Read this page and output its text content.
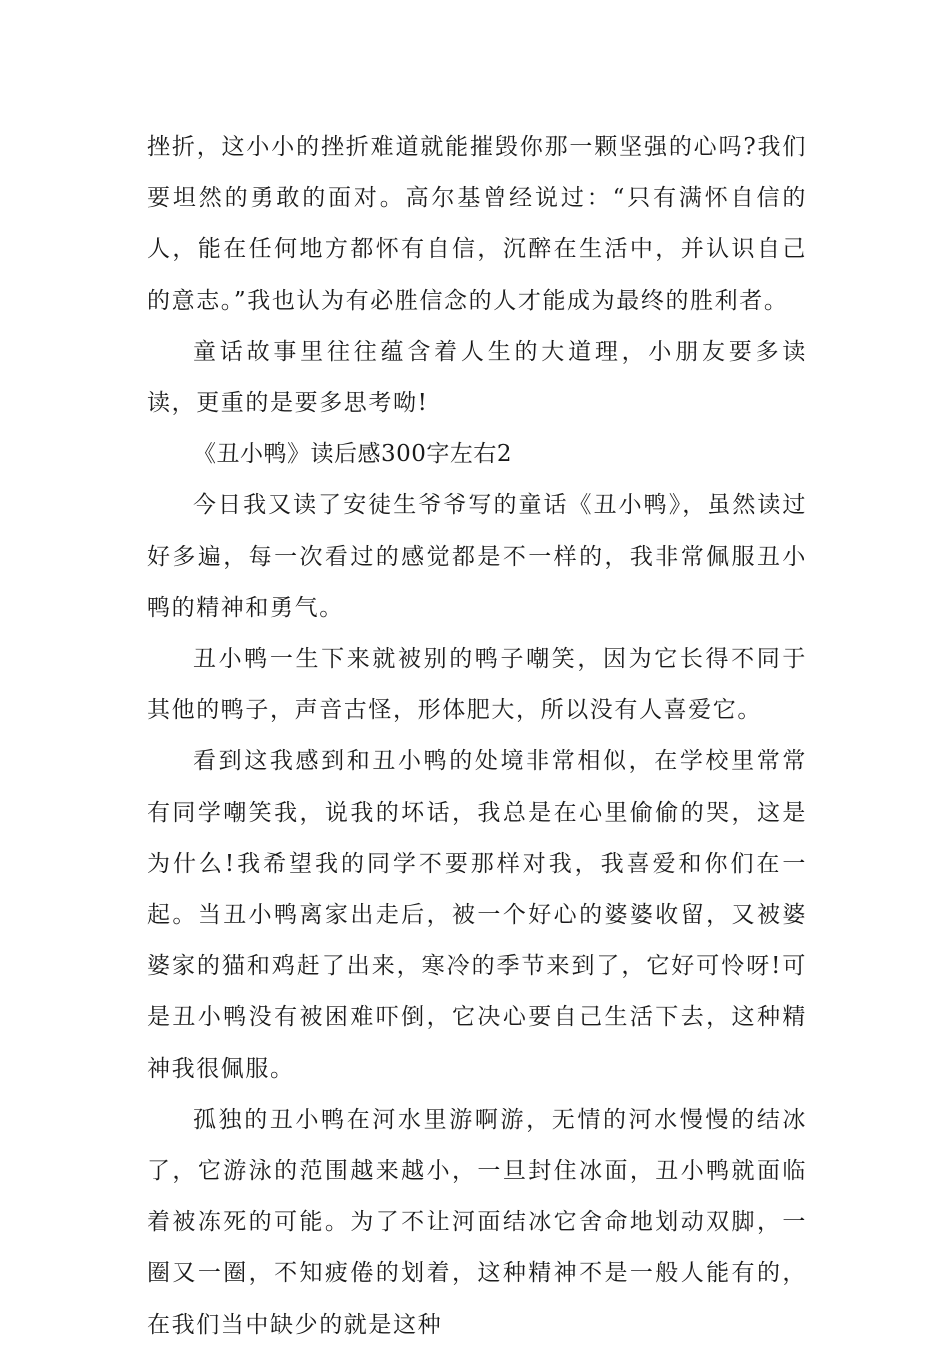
挫折，这小小的挫折难道就能摧毁你那一颗坚强的心吗?我们要坦然的勇敢的面对。高尔基曾经说过：“只有满怀自信的人，能在任何地方都怀有自信，沉醉在生活中，并认识自己的意志。”我也认为有必胜信念的人才能成为最终的胜利者。

童话故事里往往蕴含着人生的大道理，小朋友要多读读，更重的是要多思考呦!

《丑小鸭》读后感300字左右2

今日我又读了安徒生爷爷写的童话《丑小鸭》，虽然读过好多遍，每一次看过的感觉都是不一样的，我非常佩服丑小鸭的精神和勇气。

丑小鸭一生下来就被别的鸭子嘲笑，因为它长得不同于其他的鸭子，声音古怪，形体肥大，所以没有人喜爱它。

看到这我感到和丑小鸭的处境非常相似，在学校里常常有同学嘲笑我，说我的坏话，我总是在心里偷偷的哭，这是为什么!我希望我的同学不要那样对我，我喜爱和你们在一起。当丑小鸭离家出走后，被一个好心的婆婆收留，又被婆婆家的猫和鸡赶了出来，寒冷的季节来到了，它好可怜呀!可是丑小鸭没有被困难吓倒，它决心要自己生活下去，这种精神我很佩服。

孤独的丑小鸭在河水里游啊游，无情的河水慢慢的结冰了，它游泳的范围越来越小，一旦封住冰面，丑小鸭就面临着被冻死的可能。为了不让河面结冰它舍命地划动双脚，一圈又一圈，不知疲倦的划着，这种精神不是一般人能有的，在我们当中缺少的就是这种
